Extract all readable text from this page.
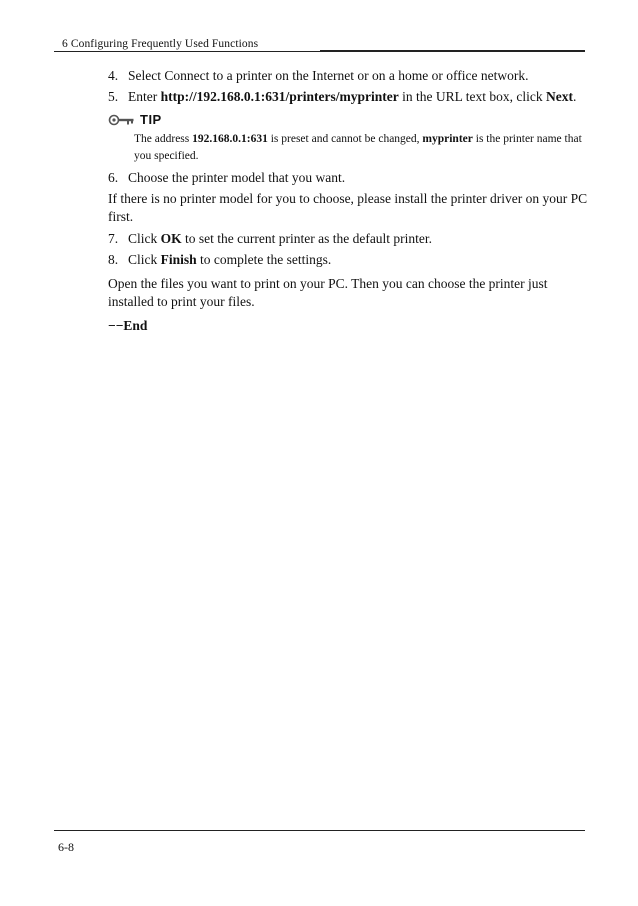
6 Configuring Frequently Used Functions

4. Select Connect to a printer on the Internet or on a home or office network.

5. Enter http://192.168.0.1:631/printers/myprinter in the URL text box, click Next.

TIP

The address 192.168.0.1:631 is preset and cannot be changed, myprinter is the printer name that you specified.

6. Choose the printer model that you want.

If there is no printer model for you to choose, please install the printer driver on your PC first.

7. Click OK to set the current printer as the default printer.

8. Click Finish to complete the settings.

Open the files you want to print on your PC. Then you can choose the printer just installed to print your files.

−−End

6-8
